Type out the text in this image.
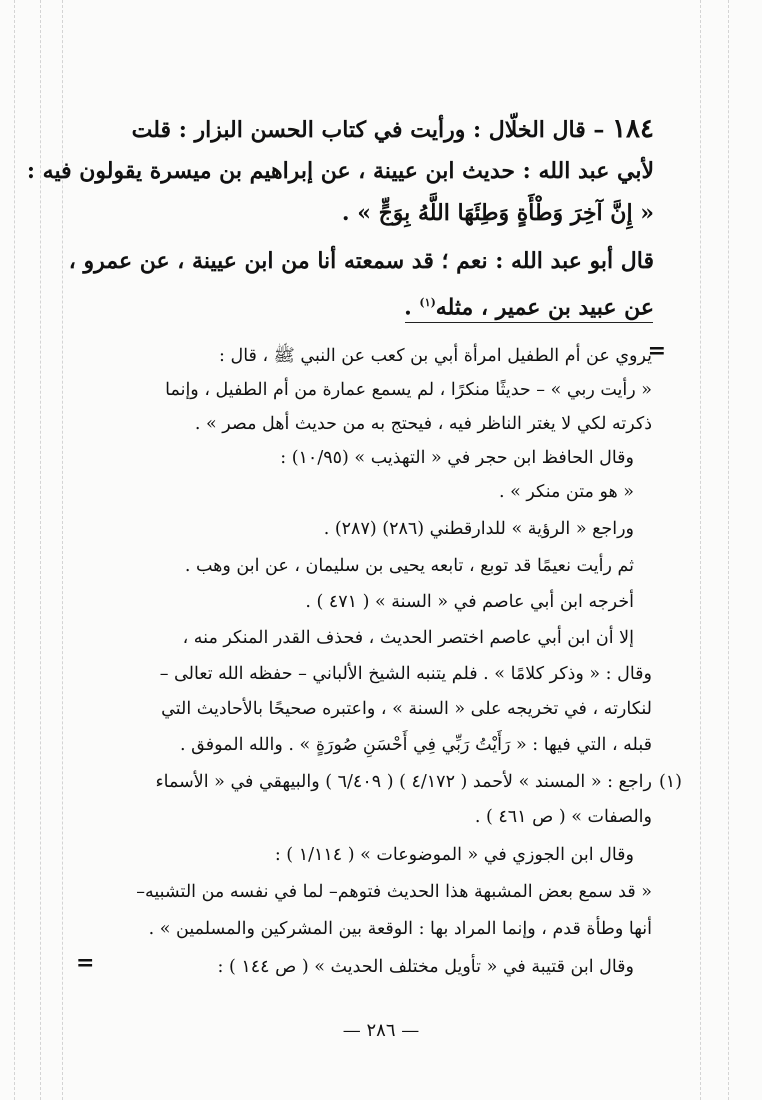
١٨٤ – قال الخلّال : ورأيت في كتاب الحسن البزار : قلت
لأبي عبد الله : حديث ابن عيينة ، عن إبراهيم بن ميسرة يقولون فيه :
« إِنَّ آخِرَ وَطْأَةٍ وَطِئَهَا اللَّهُ بِوَجٍّ » .
قال أبو عبد الله : نعم ؛ قد سمعته أنا من ابن عيينة ، عن عمرو ،
عن عبيد بن عمير ، مثله$^{(١)}$ .
=
يروي عن أم الطفيل امرأة أبي بن كعب عن النبي ﷺ ، قال :
« رأيت ربي » – حديثًا منكرًا ، لم يسمع عمارة من أم الطفيل ، وإنما
ذكرته لكي لا يغتر الناظر فيه ، فيحتج به من حديث أهل مصر » .
وقال الحافظ ابن حجر في « التهذيب » (١٠/٩٥) :
« هو متن منكر » .
وراجع « الرؤية » للدارقطني (٢٨٦) (٢٨٧) .
ثم رأيت نعيمًا قد توبع ، تابعه يحيى بن سليمان ، عن ابن وهب .
أخرجه ابن أبي عاصم في « السنة » ( ٤٧١ ) .
إلا أن ابن أبي عاصم اختصر الحديث ، فحذف القدر المنكر منه ،
وقال : « وذكر كلامًا » . فلم يتنبه الشيخ الألباني – حفظه الله تعالى –
لنكارته ، في تخريجه على « السنة » ، واعتبره صحيحًا بالأحاديث التي
قبله ، التي فيها : « رَأَيْتُ رَبِّي فِي أَحْسَنِ صُورَةٍ » . والله الموفق .
(١)
راجع : « المسند » لأحمد ( ٤/١٧٢ ) ( ٦/٤٠٩ ) والبيهقي في « الأسماء
والصفات » ( ص ٤٦١ ) .
وقال ابن الجوزي في « الموضوعات » ( ١/١١٤ ) :
« قد سمع بعض المشبهة هذا الحديث فتوهم– لما في نفسه من التشبيه–
أنها وطأة قدم ، وإنما المراد بها : الوقعة بين المشركين والمسلمين » .
وقال ابن قتيبة في « تأويل مختلف الحديث » ( ص ١٤٤ ) :
=
— ٢٨٦ —
